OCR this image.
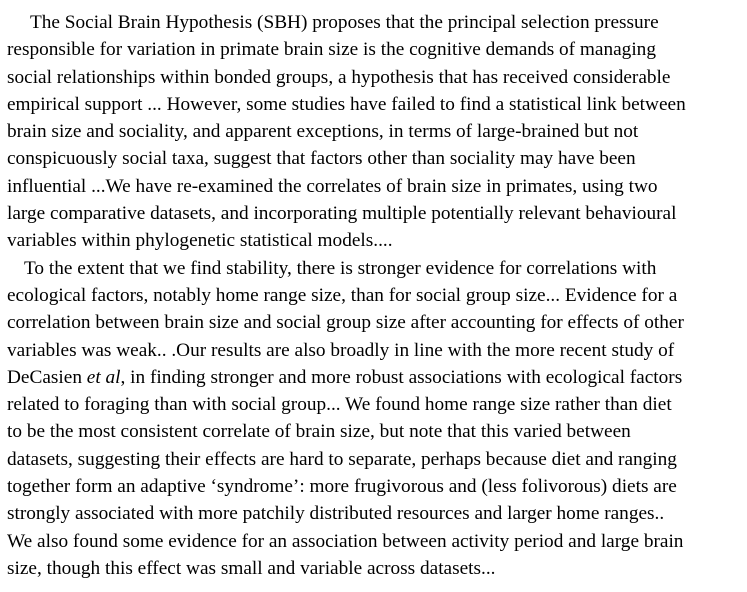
The Social Brain Hypothesis (SBH) proposes that the principal selection pressure
responsible for variation in primate brain size is the cognitive demands of managing
social relationships within bonded groups, a hypothesis that has received considerable
empirical support ... However, some studies have failed to find a statistical link between
brain size and sociality, and apparent exceptions, in terms of large-brained but not
conspicuously social taxa, suggest that factors other than sociality may have been
influential ...We have re-examined the correlates of brain size in primates, using two
large comparative datasets, and incorporating multiple potentially relevant behavioural
variables within phylogenetic statistical models....
To the extent that we find stability, there is stronger evidence for correlations with
ecological factors, notably home range size, than for social group size... Evidence for a
correlation between brain size and social group size after accounting for effects of other
variables was weak.. .Our results are also broadly in line with the more recent study of
DeCasien et al, in finding stronger and more robust associations with ecological factors
related to foraging than with social group... We found home range size rather than diet
to be the most consistent correlate of brain size, but note that this varied between
datasets, suggesting their effects are hard to separate, perhaps because diet and ranging
together form an adaptive ‘syndrome’: more frugivorous and (less folivorous) diets are
strongly associated with more patchily distributed resources and larger home ranges..
We also found some evidence for an association between activity period and large brain
size, though this effect was small and variable across datasets...
